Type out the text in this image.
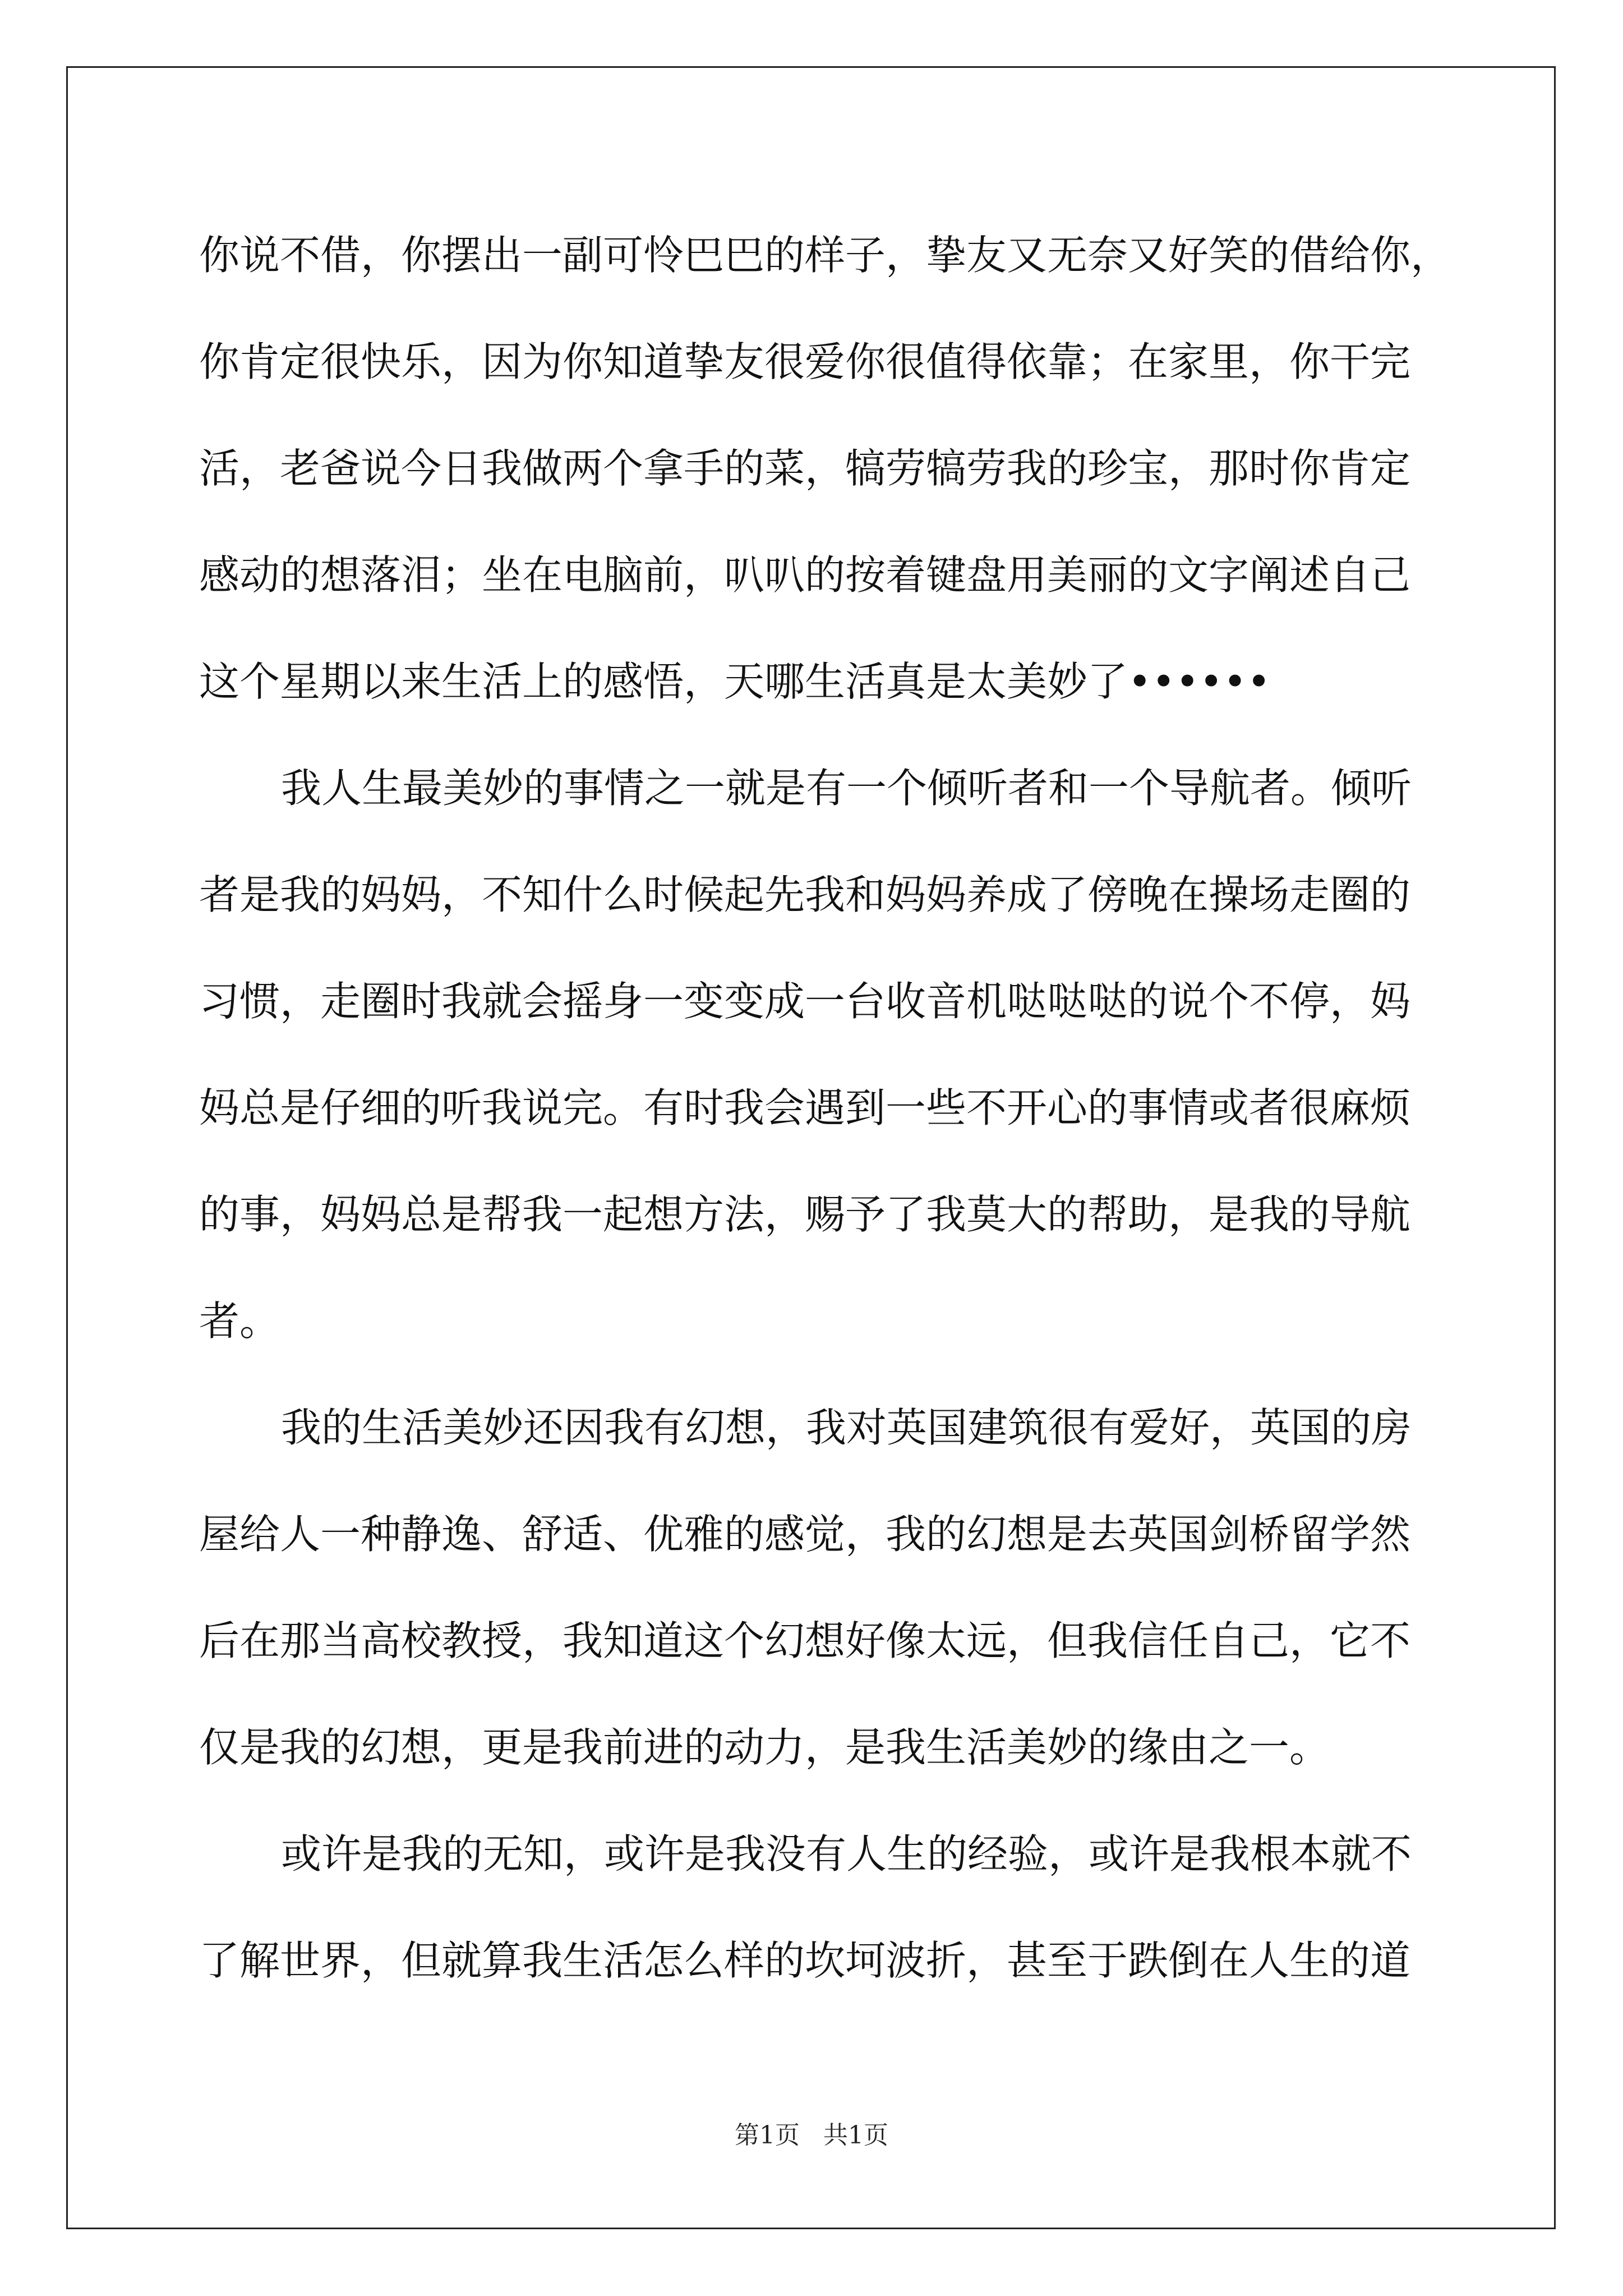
你说不借，你摆出一副可怜巴巴的样子，挚友又无奈又好笑的借给你，
你肯定很快乐，因为你知道挚友很爱你很值得依靠；在家里，你干完
活，老爸说今日我做两个拿手的菜，犒劳犒劳我的珍宝，那时你肯定
感动的想落泪；坐在电脑前，叭叭的按着键盘用美丽的文字阐述自己
这个星期以来生活上的感悟，天哪生活真是太美妙了••••••
我人生最美妙的事情之一就是有一个倾听者和一个导航者。倾听
者是我的妈妈，不知什么时候起先我和妈妈养成了傍晚在操场走圈的
习惯，走圈时我就会摇身一变变成一台收音机哒哒哒的说个不停，妈
妈总是仔细的听我说完。有时我会遇到一些不开心的事情或者很麻烦
的事，妈妈总是帮我一起想方法，赐予了我莫大的帮助，是我的导航
者。
我的生活美妙还因我有幻想，我对英国建筑很有爱好，英国的房
屋给人一种静逸、舒适、优雅的感觉，我的幻想是去英国剑桥留学然
后在那当高校教授，我知道这个幻想好像太远，但我信任自己，它不
仅是我的幻想，更是我前进的动力，是我生活美妙的缘由之一。
或许是我的无知，或许是我没有人生的经验，或许是我根本就不
了解世界，但就算我生活怎么样的坎坷波折，甚至于跌倒在人生的道
第1页   共1页
